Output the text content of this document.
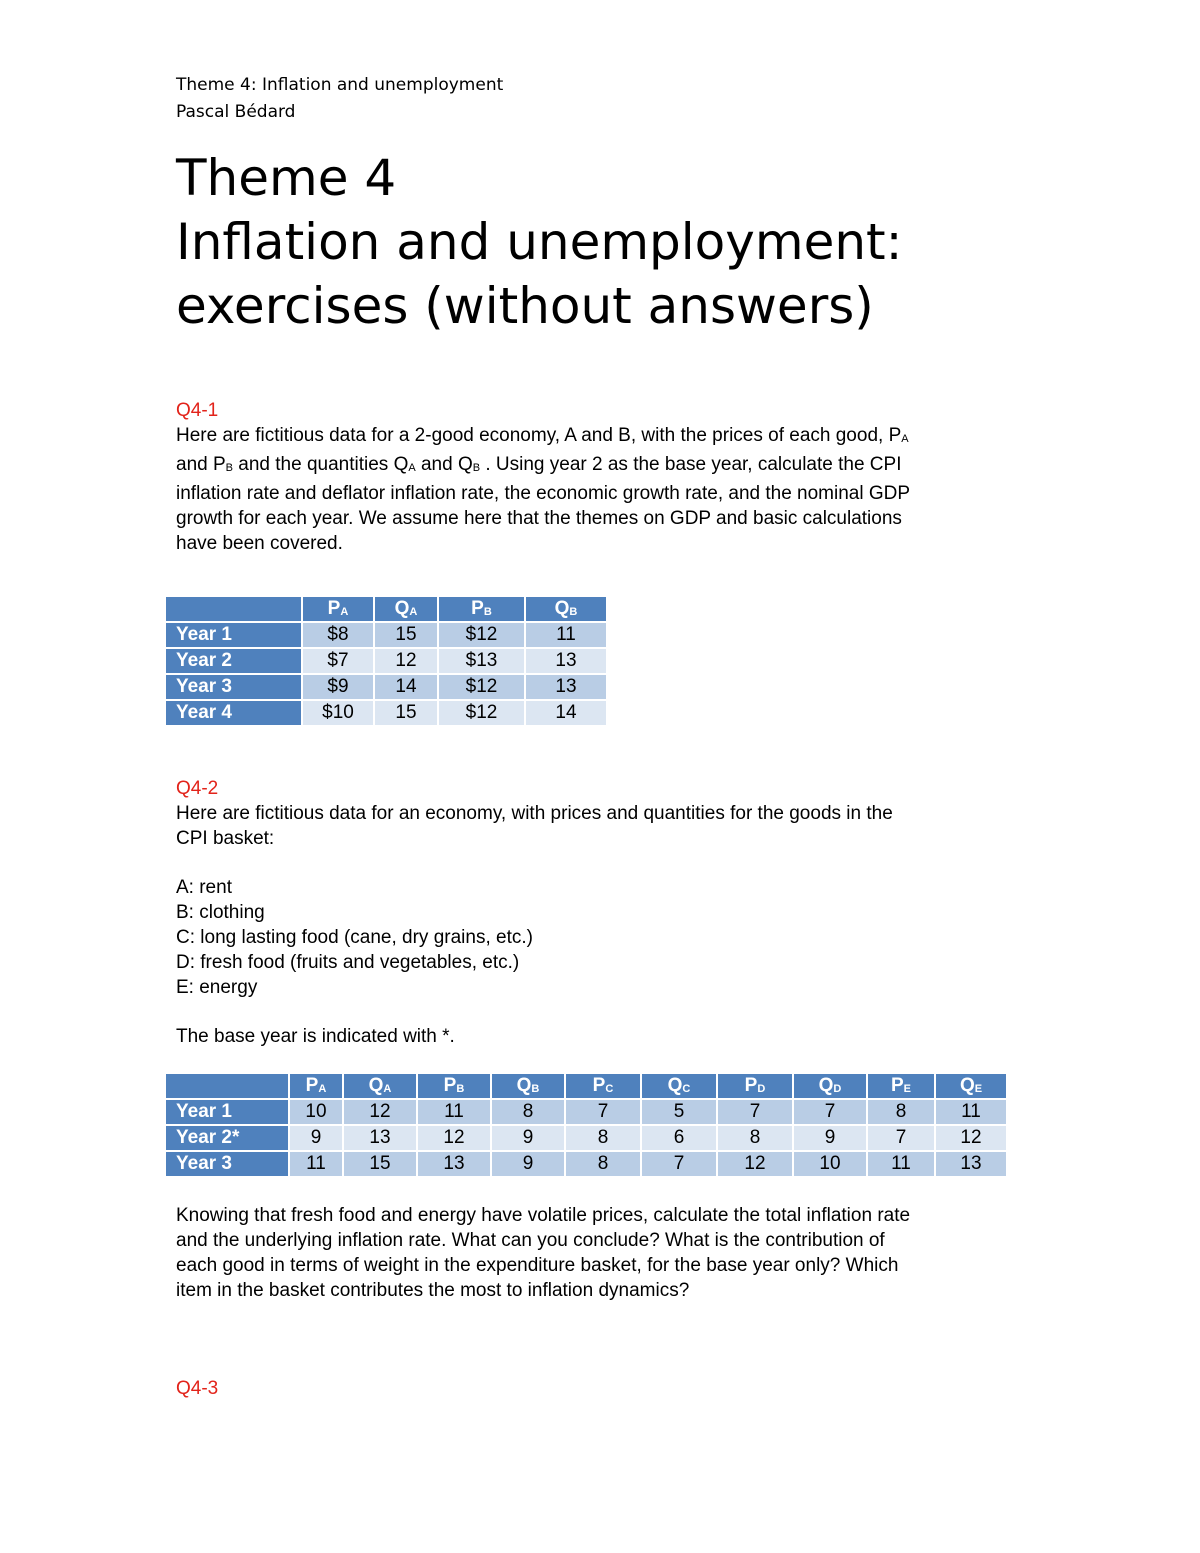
Theme 4: Inflation and unemployment
Pascal Bédard
Theme 4
Inflation and unemployment:
exercises (without answers)
Q4-1
Here are fictitious data for a 2-good economy, A and B, with the prices of each good, PA
and PB and the quantities QA and QB . Using year 2 as the base year, calculate the CPI
inflation rate and deflator inflation rate, the economic growth rate, and the nominal GDP
growth for each year. We assume here that the themes on GDP and basic calculations
have been covered.
	PA	QA	PB	QB
Year 1	$8	15	$12	11
Year 2	$7	12	$13	13
Year 3	$9	14	$12	13
Year 4	$10	15	$12	14
Q4-2
Here are fictitious data for an economy, with prices and quantities for the goods in the
CPI basket:
A: rent
B: clothing
C: long lasting food (cane, dry grains, etc.)
D: fresh food (fruits and vegetables, etc.)
E: energy
The base year is indicated with *.
	PA	QA	PB	QB	PC	QC	PD	QD	PE	QE
Year 1	10	12	11	8	7	5	7	7	8	11
Year 2*	9	13	12	9	8	6	8	9	7	12
Year 3	11	15	13	9	8	7	12	10	11	13
Knowing that fresh food and energy have volatile prices, calculate the total inflation rate
and the underlying inflation rate. What can you conclude? What is the contribution of
each good in terms of weight in the expenditure basket, for the base year only? Which
item in the basket contributes the most to inflation dynamics?
Q4-3
